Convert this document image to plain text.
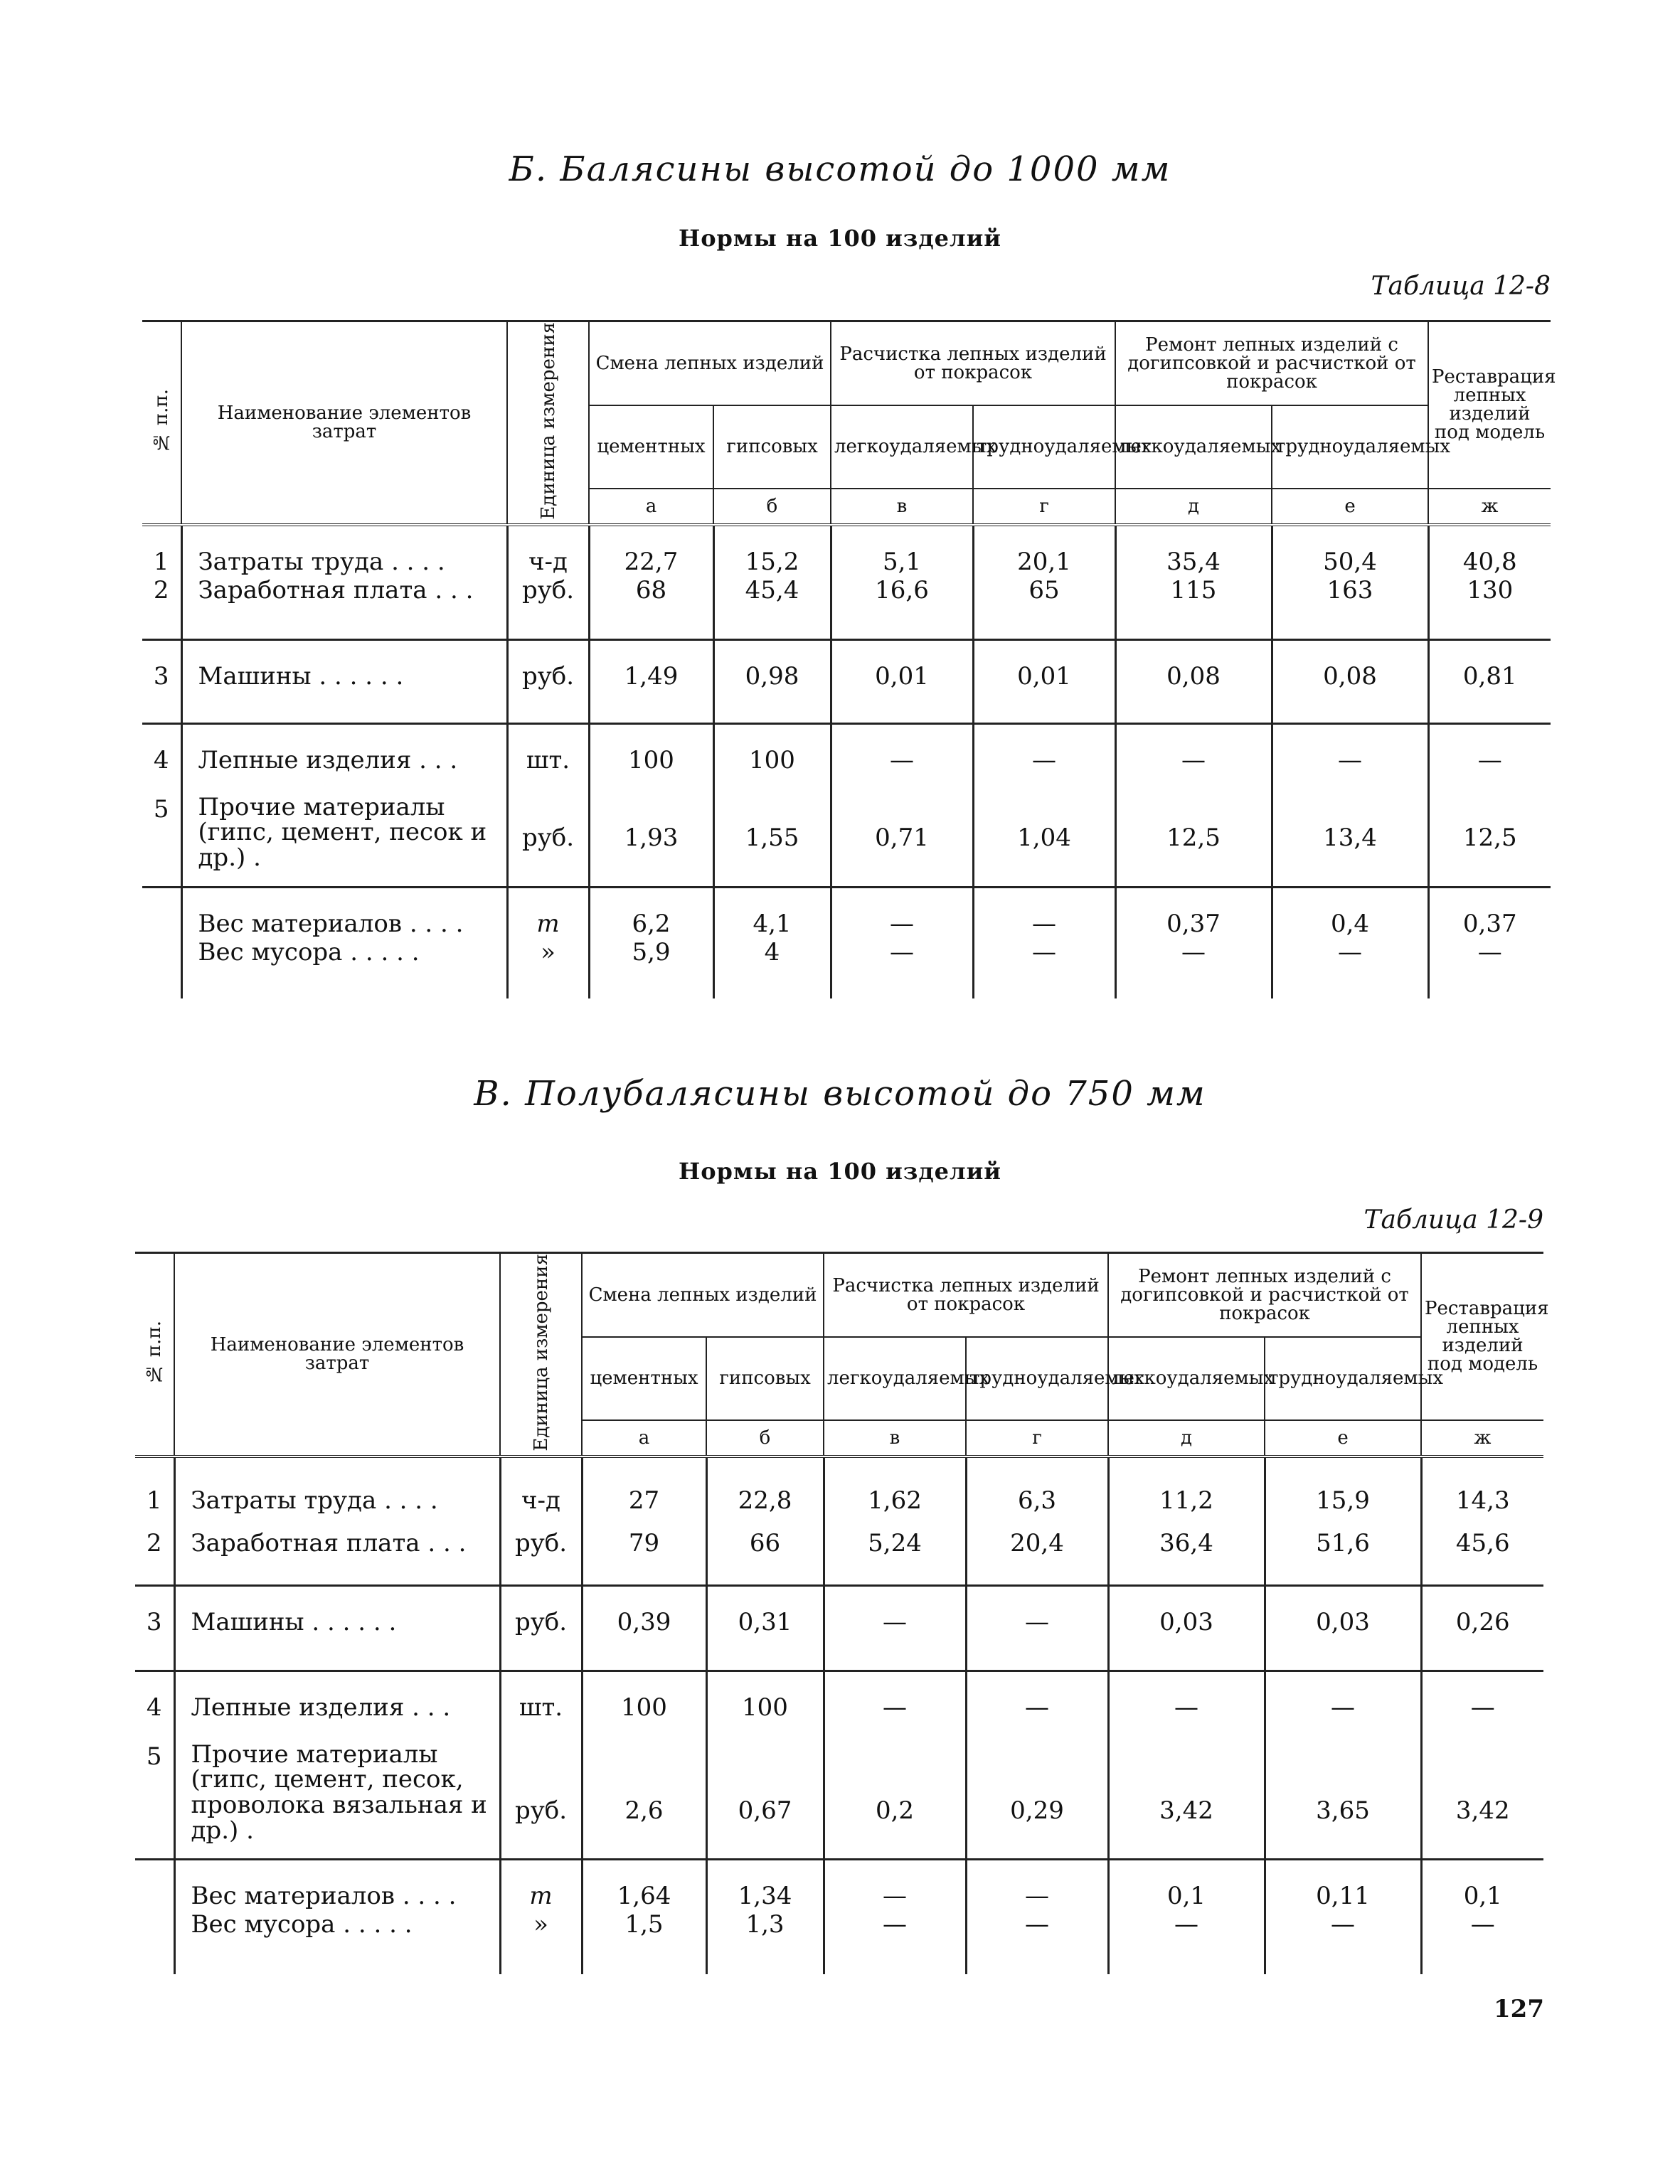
Б. Балясины высотой до 1000 мм
Нормы на 100 изделий
Таблица 12-8
№ п.п.	Наименование элементов затрат	Единица измерения	Смена лепных изделий		Расчистка лепных изделий от покрасок		Ремонт лепных изделий с догипсовкой и расчисткой от покрасок		Реставрация лепных изделий под модель
			цементных	гипсовых	легкоудаляемых	трудноудаляемых	легкоудаляемых	трудноудаляемых	
			а	б	в	г	д	е	ж
1	Затраты труда . . . .	ч-д	22,7	15,2	5,1	20,1	35,4	50,4	40,8
2	Заработная плата . . .	руб.	68	45,4	16,6	65	115	163	130
3	Машины . . . . . .	руб.	1,49	0,98	0,01	0,01	0,08	0,08	0,81
4	Лепные изделия . . .	шт.	100	100	—	—	—	—	—
5	Прочие материалы (гипс, цемент, песок и др.) .	руб.	1,93	1,55	0,71	1,04	12,5	13,4	12,5
	Вес материалов . . . .	т	6,2	4,1	—	—	0,37	0,4	0,37
	Вес мусора . . . . .	»	5,9	4	—	—	—	—	—
В. Полубалясины высотой до 750 мм
Нормы на 100 изделий
Таблица 12-9
№ п.п.	Наименование элементов затрат	Единица измерения	Смена лепных изделий		Расчистка лепных изделий от покрасок		Ремонт лепных изделий с догипсовкой и расчисткой от покрасок		Реставрация лепных изделий под модель
			цементных	гипсовых	легкоудаляемых	трудноудаляемых	легкоудаляемых	трудноудаляемых	
			а	б	в	г	д	е	ж
1	Затраты труда . . . .	ч-д	27	22,8	1,62	6,3	11,2	15,9	14,3
2	Заработная плата . . .	руб.	79	66	5,24	20,4	36,4	51,6	45,6
3	Машины . . . . . .	руб.	0,39	0,31	—	—	0,03	0,03	0,26
4	Лепные изделия . . .	шт.	100	100	—	—	—	—	—
5	Прочие материалы (гипс, цемент, песок, проволока вязальная и др.) .	руб.	2,6	0,67	0,2	0,29	3,42	3,65	3,42
	Вес материалов . . . .	т	1,64	1,34	—	—	0,1	0,11	0,1
	Вес мусора . . . . .	»	1,5	1,3	—	—	—	—	—
127
